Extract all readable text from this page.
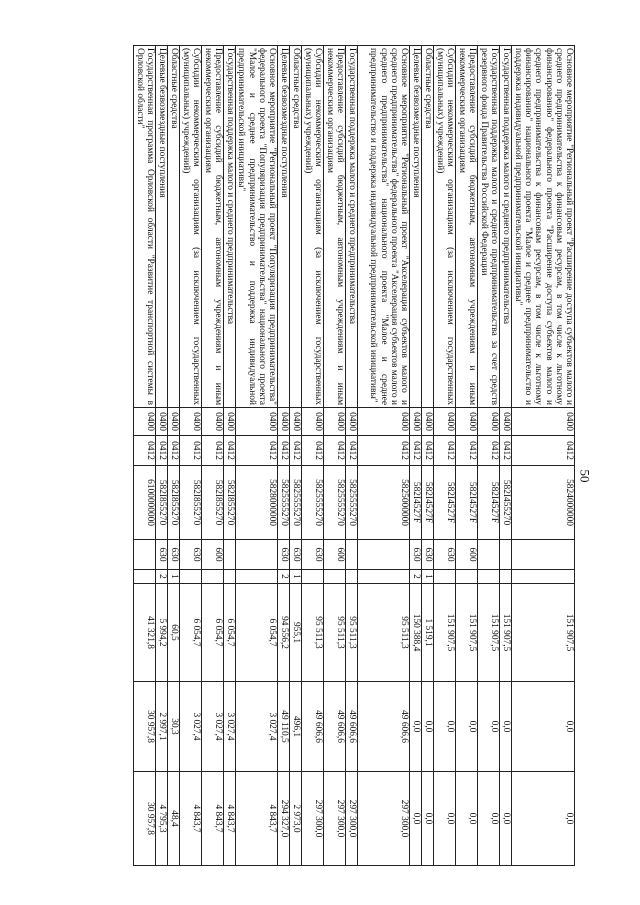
50
Основное мероприятие "Региональный проект "Расширение доступа субъектов малого и среднего предпринимательства к финансовым ресурсам, в том числе к льготному финансированию" федерального проекта "Расширение доступа субъектов малого и среднего предпринимательства к финансовым ресурсам, в том числе к льготному финансированию" национального проекта "Малое и среднее предпринимательство и поддержка индивидуальной предпринимательской инициативы"	0400	0412	5824000000			151 907,5	0,0	0,0
Государственная поддержка малого и среднего предпринимательства	0400	0412	582I455270			151 907,5	0,0	0,0
Государственная поддержка малого и среднего предпринимательства за счет средств резервного фонда Правительства Российской Федерации	0400	0412	582I4527F			151 907,5	0,0	0,0
Предоставление субсидий бюджетным, автономным учреждениям и иным некоммерческим организациям	0400	0412	582I4527F	600		151 907,5	0,0	0,0
Субсидии некоммерческим организациям (за исключением государственных (муниципальных) учреждений)	0400	0412	582I4527F	630		151 907,5	0,0	0,0
Областные средства	0400	0412	582I4527F	630	1	1 519,1	0,0	0,0
Целевые безвозмездные поступления	0400	0412	582I4527F	630	2	150 388,4	0,0	0,0
Основное мероприятие "Региональный проект "Акселерация субъектов малого и среднего предпринимательства" федерального проекта "Акселерация субъектов малого и среднего предпринимательства" национального проекта "Малое и среднее предпринимательство и поддержка индивидуальной предпринимательской инициативы"	0400	0412	5825000000			95 511,3	49 606,6	297 300,0
Государственная поддержка малого и среднего предпринимательства	0400	0412	5825555270			95 511,3	49 606,6	297 300,0
Предоставление субсидий бюджетным, автономным учреждениям и иным некоммерческим организациям	0400	0412	5825555270	600		95 511,3	49 606,6	297 300,0
Субсидии некоммерческим организациям (за исключением государственных (муниципальных) учреждений)	0400	0412	5825555270	630		95 511,3	49 606,6	297 300,0
Областные средства	0400	0412	5825555270	630	1	955,1	496,1	2 973,0
Целевые безвозмездные поступления	0400	0412	5825555270	630	2	94 556,2	49 110,5	294 327,0
Основное мероприятие "Региональный проект "Популяризация предпринимательства" федерального проекта "Популяризация предпринимательства" национального проекта "Малое и среднее предпринимательство и поддержка индивидуальной предпринимательской инициативы"	0400	0412	5828000000			6 054,7	3 027,4	4 843,7
Государственная поддержка малого и среднего предпринимательства	0400	0412	582I855270			6 054,7	3 027,4	4 843,7
Предоставление субсидий бюджетным, автономным учреждениям и иным некоммерческим организациям	0400	0412	582I855270	600		6 054,7	3 027,4	4 843,7
Субсидии некоммерческим организациям (за исключением государственных (муниципальных) учреждений)	0400	0412	582I855270	630		6 054,7	3 027,4	4 843,7
Областные средства	0400	0412	582I855270	630	1	60,5	30,3	48,4
Целевые безвозмездные поступления	0400	0412	582I855270	630	2	5 994,2	2 997,1	4 795,3
Государственная программа Орловской области "Развитие транспортной системы в Орловской области"	0400	0412	6100000000			41 321,8	30 957,8	30 957,8
